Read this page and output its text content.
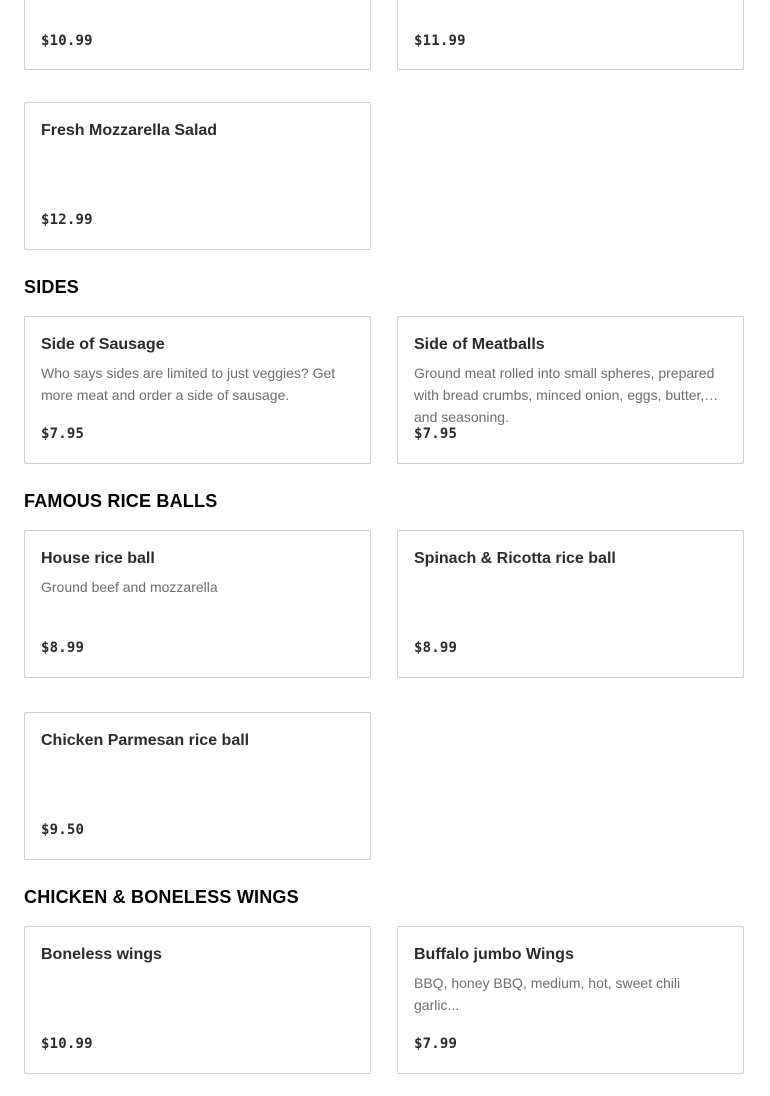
$10.99	$11.99
Fresh Mozzarella Salad
$12.99
SIDES
Side of Sausage
Who says sides are limited to just veggies? Get more meat and order a side of sausage.
$7.95
Side of Meatballs
Ground meat rolled into small spheres, prepared with bread crumbs, minced onion, eggs, butter, and seasoning.
$7.95
FAMOUS RICE BALLS
House rice ball
Ground beef and mozzarella
$8.99
Spinach & Ricotta rice ball
$8.99
Chicken Parmesan rice ball
$9.50
CHICKEN & BONELESS WINGS
Boneless wings
$10.99
Buffalo jumbo Wings
BBQ, honey BBQ, medium, hot, sweet chili garlic...
$7.99
